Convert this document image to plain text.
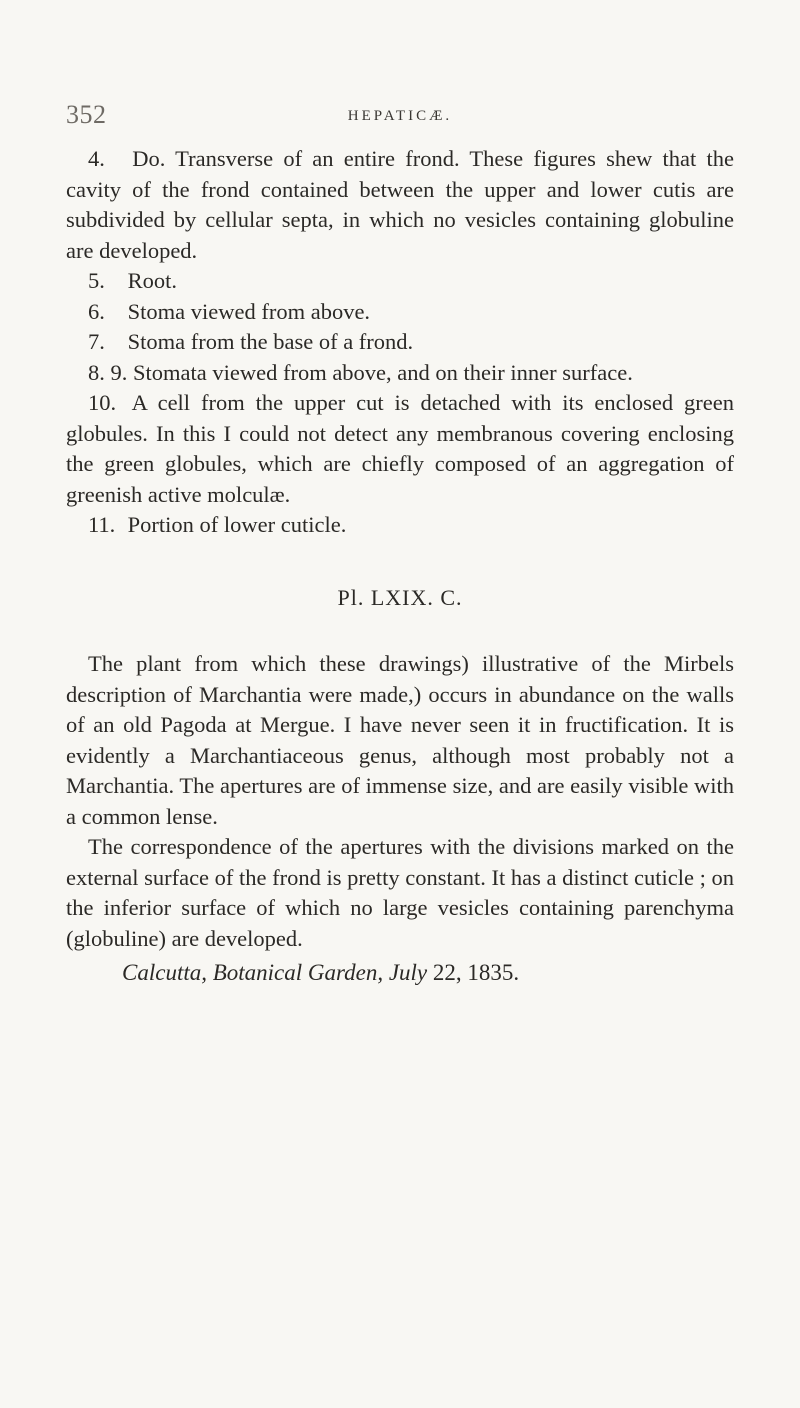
352	HEPATICÆ.

4. Do. Transverse of an entire frond. These figures shew that the cavity of the frond contained between the upper and lower cutis are subdivided by cellular septa, in which no vesicles containing globuline are developed.

5. Root.

6. Stoma viewed from above.

7. Stoma from the base of a frond.

8. 9. Stomata viewed from above, and on their inner surface.

10. A cell from the upper cut is detached with its enclosed green globules. In this I could not detect any membranous covering enclosing the green globules, which are chiefly composed of an aggregation of greenish active molculæ.

11. Portion of lower cuticle.

Pl. LXIX. C.

The plant from which these drawings) illustrative of the Mirbels description of Marchantia were made,) occurs in abundance on the walls of an old Pagoda at Mergue. I have never seen it in fructification. It is evidently a Marchantiaceous genus, although most probably not a Marchantia. The apertures are of immense size, and are easily visible with a common lense.

The correspondence of the apertures with the divisions marked on the external surface of the frond is pretty constant. It has a distinct cuticle ; on the inferior surface of which no large vesicles containing parenchyma (globuline) are developed.

Calcutta, Botanical Garden, July 22, 1835.
